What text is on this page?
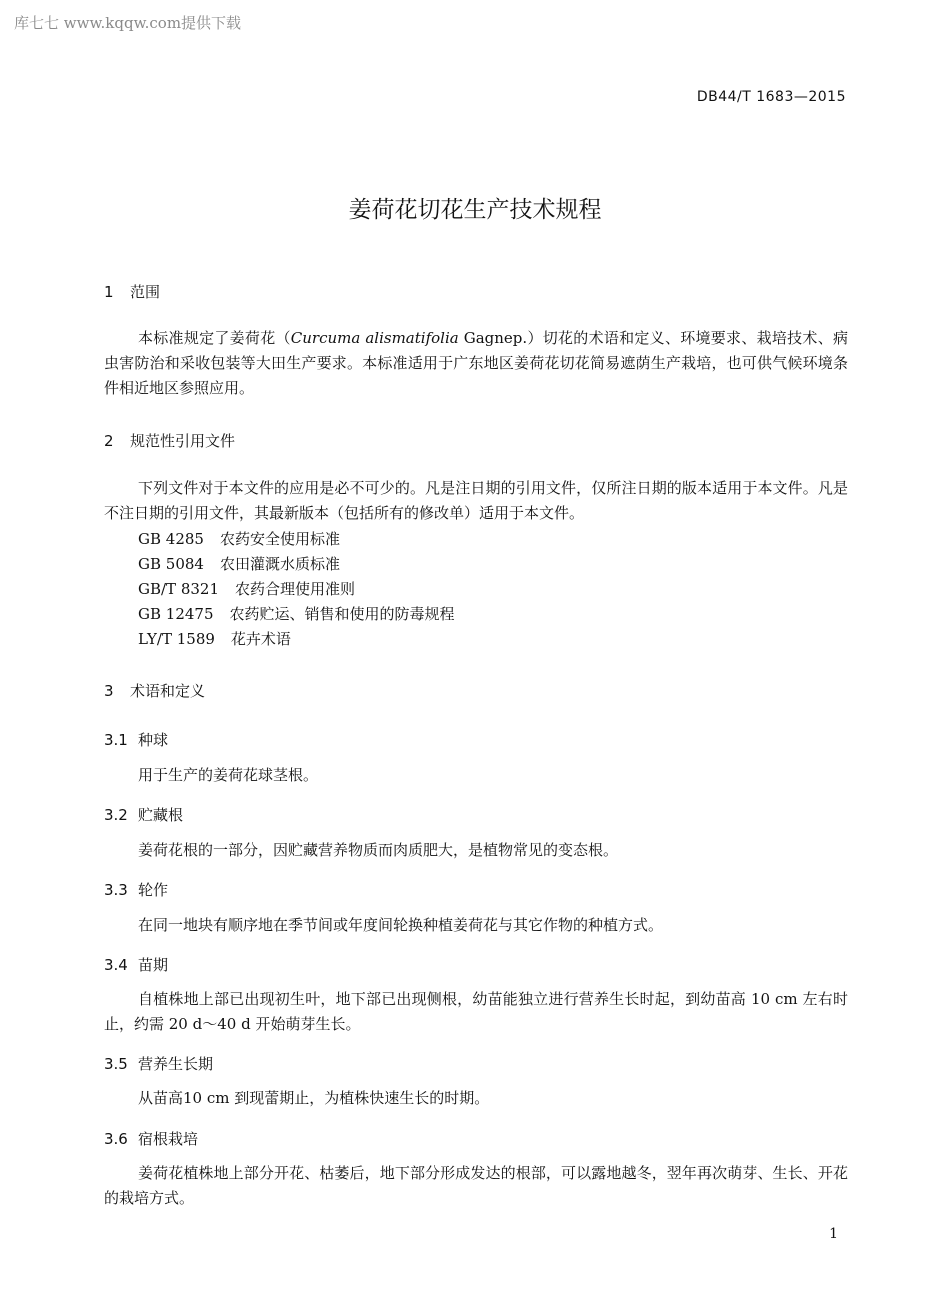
库七七 www.kqqw.com提供下载
DB44/T 1683—2015
姜荷花切花生产技术规程
1 范围
本标准规定了姜荷花（Curcuma alismatifolia Gagnep.）切花的术语和定义、环境要求、栽培技术、病虫害防治和采收包装等大田生产要求。本标准适用于广东地区姜荷花切花简易遮荫生产栽培，也可供气候环境条件相近地区参照应用。
2 规范性引用文件
下列文件对于本文件的应用是必不可少的。凡是注日期的引用文件，仅所注日期的版本适用于本文件。凡是不注日期的引用文件，其最新版本（包括所有的修改单）适用于本文件。
GB 4285 农药安全使用标准
GB 5084 农田灌溉水质标准
GB/T 8321 农药合理使用准则
GB 12475 农药贮运、销售和使用的防毒规程
LY/T 1589 花卉术语
3 术语和定义
3.1 种球
用于生产的姜荷花球茎根。
3.2 贮藏根
姜荷花根的一部分，因贮藏营养物质而肉质肥大，是植物常见的变态根。
3.3 轮作
在同一地块有顺序地在季节间或年度间轮换种植姜荷花与其它作物的种植方式。
3.4 苗期
自植株地上部已出现初生叶，地下部已出现侧根，幼苗能独立进行营养生长时起，到幼苗高 10 cm 左右时止，约需 20 d～40 d 开始萌芽生长。
3.5 营养生长期
从苗高10 cm 到现蕾期止，为植株快速生长的时期。
3.6 宿根栽培
姜荷花植株地上部分开花、枯萎后，地下部分形成发达的根部，可以露地越冬，翌年再次萌芽、生长、开花的栽培方式。
1
